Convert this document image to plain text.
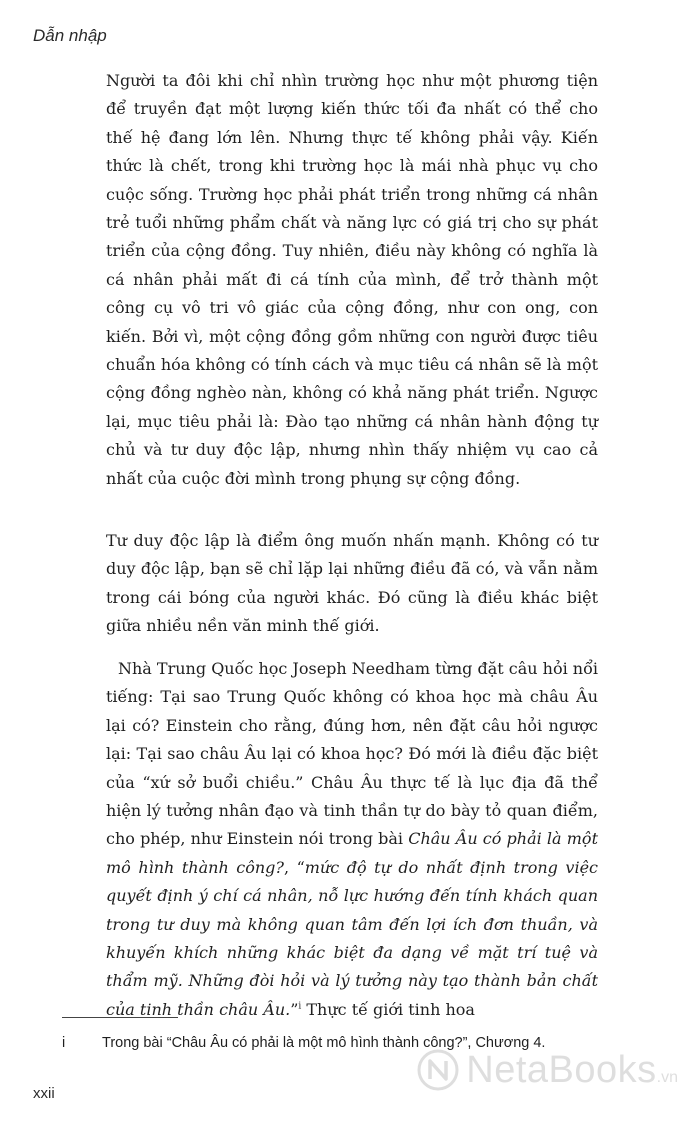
Dẫn nhập

Người ta đôi khi chỉ nhìn trường học như một phương tiện để truyền đạt một lượng kiến thức tối đa nhất có thể cho thế hệ đang lớn lên. Nhưng thực tế không phải vậy. Kiến thức là chết, trong khi trường học là mái nhà phục vụ cho cuộc sống. Trường học phải phát triển trong những cá nhân trẻ tuổi những phẩm chất và năng lực có giá trị cho sự phát triển của cộng đồng. Tuy nhiên, điều này không có nghĩa là cá nhân phải mất đi cá tính của mình, để trở thành một công cụ vô tri vô giác của cộng đồng, như con ong, con kiến. Bởi vì, một cộng đồng gồm những con người được tiêu chuẩn hóa không có tính cách và mục tiêu cá nhân sẽ là một cộng đồng nghèo nàn, không có khả năng phát triển. Ngược lại, mục tiêu phải là: Đào tạo những cá nhân hành động tự chủ và tư duy độc lập, nhưng nhìn thấy nhiệm vụ cao cả nhất của cuộc đời mình trong phụng sự cộng đồng.

Tư duy độc lập là điểm ông muốn nhấn mạnh. Không có tư duy độc lập, bạn sẽ chỉ lặp lại những điều đã có, và vẫn nằm trong cái bóng của người khác. Đó cũng là điều khác biệt giữa nhiều nền văn minh thế giới.

Nhà Trung Quốc học Joseph Needham từng đặt câu hỏi nổi tiếng: Tại sao Trung Quốc không có khoa học mà châu Âu lại có? Einstein cho rằng, đúng hơn, nên đặt câu hỏi ngược lại: Tại sao châu Âu lại có khoa học? Đó mới là điều đặc biệt của “xứ sở buổi chiều.” Châu Âu thực tế là lục địa đã thể hiện lý tưởng nhân đạo và tinh thần tự do bày tỏ quan điểm, cho phép, như Einstein nói trong bài Châu Âu có phải là một mô hình thành công?, “mức độ tự do nhất định trong việc quyết định ý chí cá nhân, nỗ lực hướng đến tính khách quan trong tư duy mà không quan tâm đến lợi ích đơn thuần, và khuyến khích những khác biệt đa dạng về mặt trí tuệ và thẩm mỹ. Những đòi hỏi và lý tưởng này tạo thành bản chất của tinh thần châu Âu.”$^i$ Thực tế giới tinh hoa

i	Trong bài “Châu Âu có phải là một mô hình thành công?”, Chương 4.
xxii
NetaBooks .vn
